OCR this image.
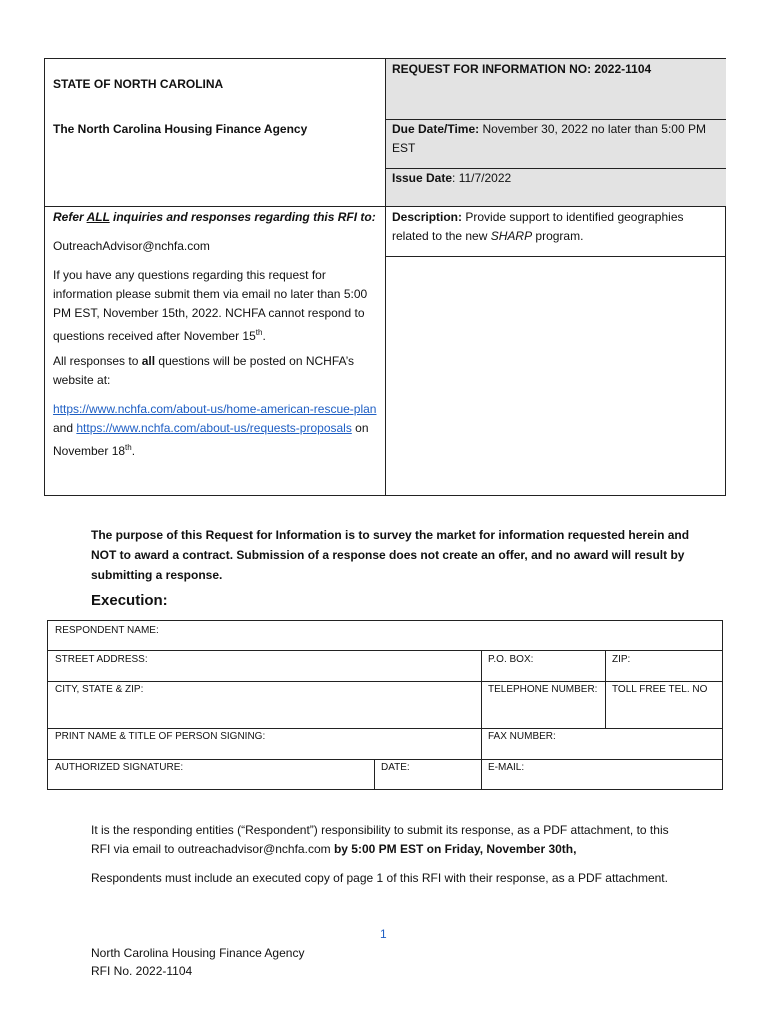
STATE OF NORTH CAROLINA
The North Carolina Housing Finance Agency
Refer ALL inquiries and responses regarding this RFI to:
OutreachAdvisor@nchfa.com
If you have any questions regarding this request for information please submit them via email no later than 5:00 PM EST, November 15th, 2022. NCHFA cannot respond to questions received after November 15th.
All responses to all questions will be posted on NCHFA’s website at:
https://www.nchfa.com/about-us/home-american-rescue-plan and https://www.nchfa.com/about-us/requests-proposals on November 18th.
REQUEST FOR INFORMATION NO: 2022-1104
Due Date/Time: November 30, 2022 no later than 5:00 PM EST
Issue Date: 11/7/2022
Description: Provide support to identified geographies related to the new SHARP program.
The purpose of this Request for Information is to survey the market for information requested herein and NOT to award a contract. Submission of a response does not create an offer, and no award will result by submitting a response.
Execution:
RESPONDENT NAME:
STREET ADDRESS:	P.O. BOX:	ZIP:
CITY, STATE & ZIP:	TELEPHONE NUMBER: TOLL FREE TEL. NO
PRINT NAME & TITLE OF PERSON SIGNING:	FAX NUMBER:
AUTHORIZED SIGNATURE:	DATE:	E-MAIL:
It is the responding entities (“Respondent”) responsibility to submit its response, as a PDF attachment, to this RFI via email to outreachadvisor@nchfa.com by 5:00 PM EST on Friday, November 30th,
Respondents must include an executed copy of page 1 of this RFI with their response, as a PDF attachment.
1
North Carolina Housing Finance Agency
RFI No. 2022-1104
